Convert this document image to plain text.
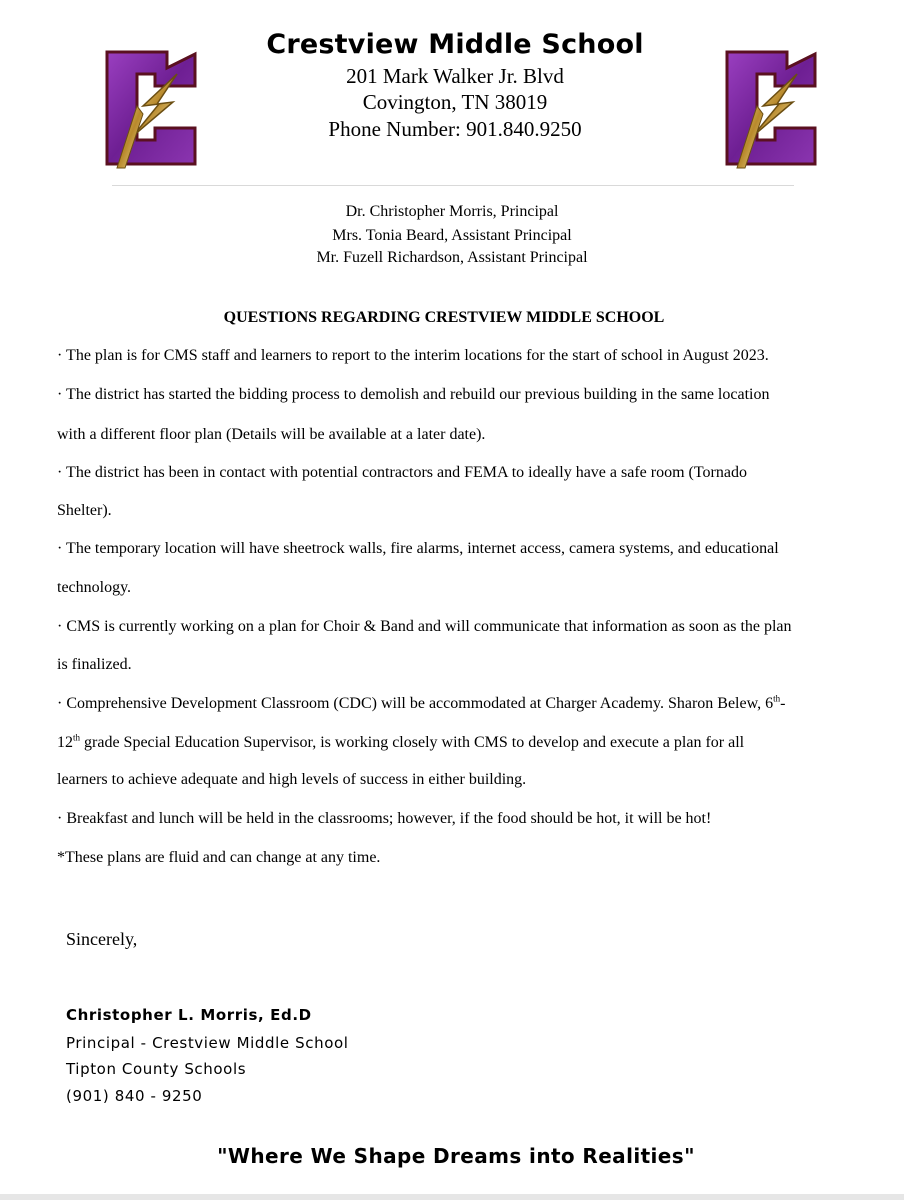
Crestview Middle School
201 Mark Walker Jr. Blvd
Covington, TN 38019
Phone Number: 901.840.9250
Dr. Christopher Morris, Principal
Mrs. Tonia Beard, Assistant Principal
Mr. Fuzell Richardson, Assistant Principal
QUESTIONS REGARDING CRESTVIEW MIDDLE SCHOOL
· The plan is for CMS staff and learners to report to the interim locations for the start of school in August 2023.
· The district has started the bidding process to demolish and rebuild our previous building in the same location
with a different floor plan (Details will be available at a later date).
· The district has been in contact with potential contractors and FEMA to ideally have a safe room (Tornado
Shelter).
· The temporary location will have sheetrock walls, fire alarms, internet access, camera systems, and educational
technology.
· CMS is currently working on a plan for Choir & Band and will communicate that information as soon as the plan
is finalized.
· Comprehensive Development Classroom (CDC) will be accommodated at Charger Academy. Sharon Belew, 6th-
12th grade Special Education Supervisor, is working closely with CMS to develop and execute a plan for all
learners to achieve adequate and high levels of success in either building.
· Breakfast and lunch will be held in the classrooms; however, if the food should be hot, it will be hot!
*These plans are fluid and can change at any time.
Sincerely,
Christopher L. Morris, Ed.D
Principal - Crestview Middle School
Tipton County Schools
(901) 840 - 9250
"Where We Shape Dreams into Realities"
